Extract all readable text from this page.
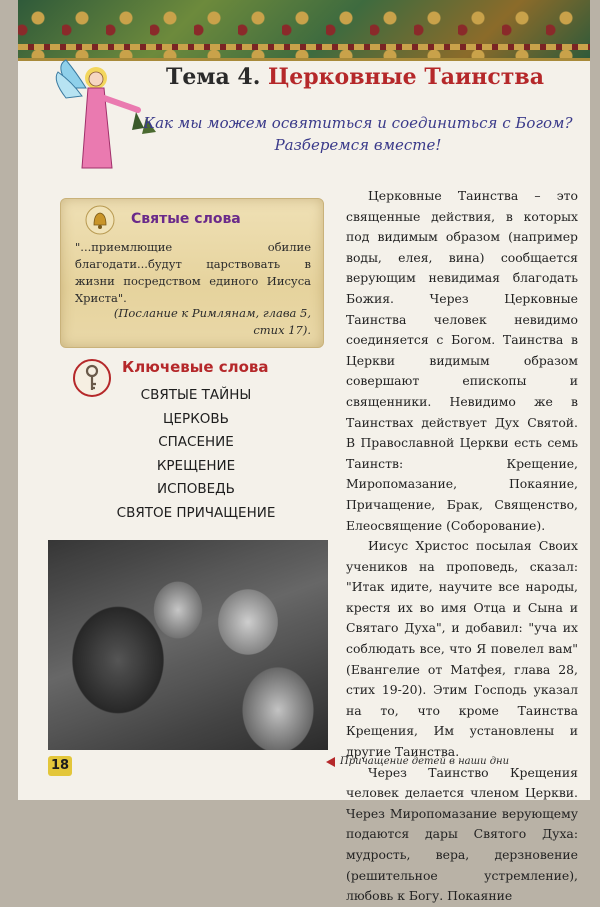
Тема 4. Церковные Таинства
Как мы можем освятиться и соединиться с Богом?
Разберемся вместе!
Святые слова
"...приемлющие обилие благодати...будут царствовать в жизни посредством единого Иисуса Христа".
(Послание к Римлянам, глава 5, стих 17).
Ключевые слова
СВЯТЫЕ ТАЙНЫ
ЦЕРКОВЬ
СПАСЕНИЕ
КРЕЩЕНИЕ
ИСПОВЕДЬ
СВЯТОЕ ПРИЧАЩЕНИЕ
18	Причащение детей в наши дни

Церковные Таинства – это священные действия, в которых под видимым образом (например воды, елея, вина) сообщается верующим невидимая благодать Божия. Через Церковные Таинства человек невидимо соединяется с Богом. Таинства в Церкви видимым образом совершают епископы и священники. Невидимо же в Таинствах действует Дух Святой. В Православной Церкви есть семь Таинств: Крещение, Миропомазание, Покаяние, Причащение, Брак, Священство, Елеосвящение (Соборование).

Иисус Христос посылая Своих учеников на проповедь, сказал: "Итак идите, научите все народы, крестя их во имя Отца и Сына и Святаго Духа", и добавил: "уча их соблюдать все, что Я повелел вам" (Евангелие от Матфея, глава 28, стих 19-20). Этим Господь указал на то, что кроме Таинства Крещения, Им установлены и другие Таинства.

Через Таинство Крещения человек делается членом Церкви. Через Миропомазание верующему подаются дары Святого Духа: мудрость, вера, дерзновение (решительное устремление), любовь к Богу. Покаяние
